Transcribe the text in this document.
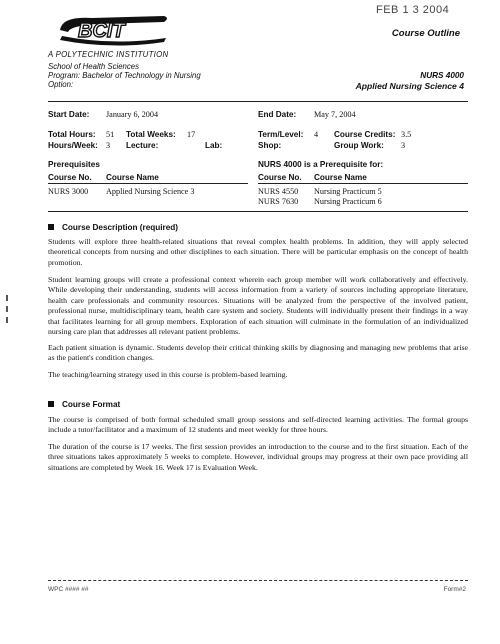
BCIT
FEB 1 3 2004
Course Outline
A POLYTECHNIC INSTITUTION
School of Health Sciences
Program: Bachelor of Technology in Nursing
Option:
NURS 4000
Applied Nursing Science 4
Start Date: January 6, 2004	End Date: May 7, 2004
Total Hours: 51 Total Weeks: 17	Term/Level: 4 Course Credits: 3.5
Hours/Week: 3 Lecture:	Lab:	Shop:	Group Work: 3
Prerequisites
Course No. Course Name
NURS 3000 Applied Nursing Science 3
NURS 4000 is a Prerequisite for:
Course No. Course Name
NURS 4550 Nursing Practicum 5
NURS 7630 Nursing Practicum 6
Course Description (required)

Students will explore three health-related situations that reveal complex health problems. In addition, they will apply selected theoretical concepts from nursing and other disciplines to each situation. There will be particular emphasis on the concept of health promotion.

Student learning groups will create a professional context wherein each group member will work collaboratively and effectively. While developing their understanding, students will access information from a variety of sources including appropriate literature, health care professionals and community resources. Situations will be analyzed from the perspective of the involved patient, professional nurse, multidisciplinary team, health care system and society. Students will individually present their findings in a way that facilitates learning for all group members. Exploration of each situation will culminate in the formulation of an individualized nursing care plan that addresses all relevant patient problems.

Each patient situation is dynamic. Students develop their critical thinking skills by diagnosing and managing new problems that arise as the patient's condition changes.

The teaching/learning strategy used in this course is problem-based learning.

Course Format

The course is comprised of both formal scheduled small group sessions and self-directed learning activities. The formal groups include a tutor/facilitator and a maximum of 12 students and meet weekly for three hours.

The duration of the course is 17 weeks. The first session provides an introduction to the course and to the first situation. Each of the three situations takes approximately 5 weeks to complete. However, individual groups may progress at their own pace providing all situations are completed by Week 16. Week 17 is Evaluation Week.

WPC #### ##	Form#2
